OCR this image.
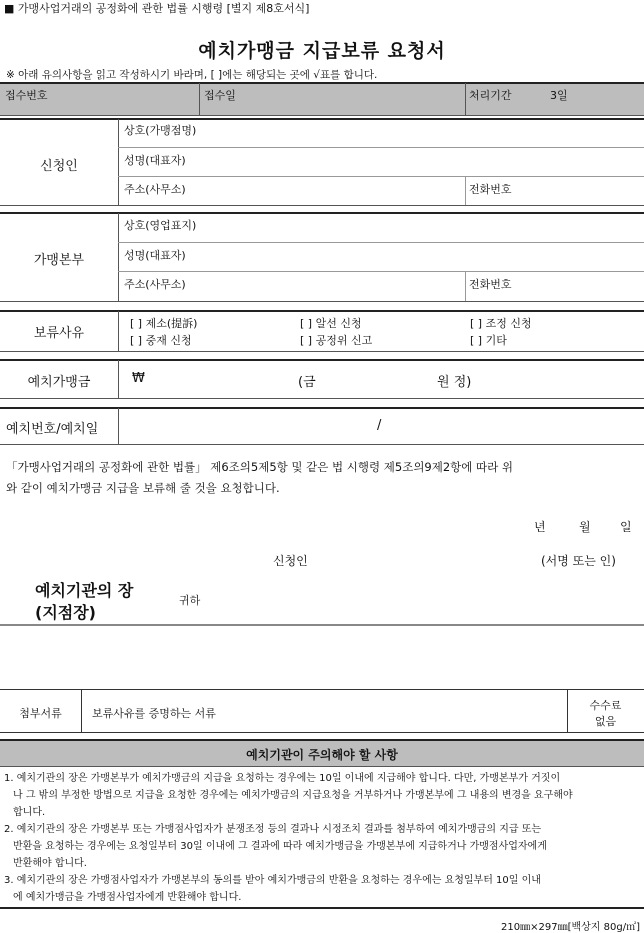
■ 가맹사업거래의 공정화에 관한 법률 시행령 [별지 제8호서식]
예치가맹금 지급보류 요청서
※ 아래 유의사항을 읽고 작성하시기 바라며, [ ]에는 해당되는 곳에 √표를 합니다.
접수번호	접수일	처리기간	3일
신청인
상호(가맹점명)
성명(대표자)
주소(사무소)	전화번호
가맹본부
상호(영업표지)
성명(대표자)
주소(사무소)	전화번호
보류사유
[ ] 제소(提訴)	[ ] 알선 신청	[ ] 조정 신청
[ ] 중재 신청	[ ] 공정위 신고	[ ] 기타
예치가맹금	₩	(금	원 정)
예치번호/예치일	/
「가맹사업거래의 공정화에 관한 법률」 제6조의5제5항 및 같은 법 시행령 제5조의9제2항에 따라 위
와 같이 예치가맹금 지급을 보류해 줄 것을 요청합니다.
년	월 일
신청인	(서명 또는 인)
예치기관의 장
(지점장)
귀하
첨부서류	보류사유를 증명하는 서류
수수료
없음
예치기관이 주의해야 할 사항
1. 예치기관의 장은 가맹본부가 예치가맹금의 지급을 요청하는 경우에는 10일 이내에 지급해야 합니다. 다만, 가맹본부가 거짓이
나 그 밖의 부정한 방법으로 지급을 요청한 경우에는 예치가맹금의 지급요청을 거부하거나 가맹본부에 그 내용의 변경을 요구해야
합니다.
2. 예치기관의 장은 가맹본부 또는 가맹점사업자가 분쟁조정 등의 결과나 시정조치 결과를 첨부하여 예치가맹금의 지급 또는
반환을 요청하는 경우에는 요청일부터 30일 이내에 그 결과에 따라 예치가맹금을 가맹본부에 지급하거나 가맹점사업자에게
반환해야 합니다.
3. 예치기관의 장은 가맹점사업자가 가맹본부의 동의를 받아 예치가맹금의 반환을 요청하는 경우에는 요청일부터 10일 이내
에 예치가맹금을 가맹점사업자에게 반환해야 합니다.
210㎜×297㎜[백상지 80g/㎡]
